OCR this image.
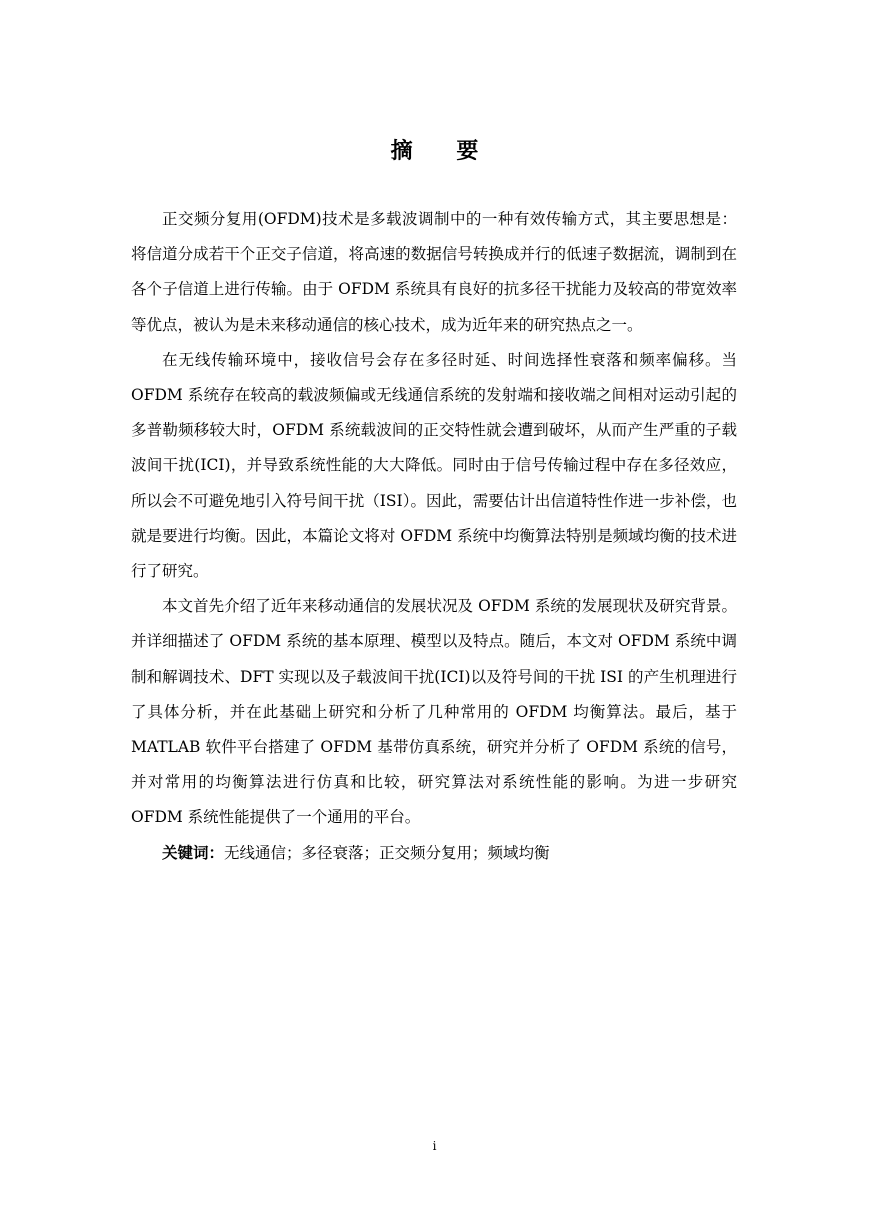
摘 要

正交频分复用(OFDM)技术是多载波调制中的一种有效传输方式，其主要思想是：将信道分成若干个正交子信道，将高速的数据信号转换成并行的低速子数据流，调制到在各个子信道上进行传输。由于 OFDM 系统具有良好的抗多径干扰能力及较高的带宽效率等优点，被认为是未来移动通信的核心技术，成为近年来的研究热点之一。

在无线传输环境中，接收信号会存在多径时延、时间选择性衰落和频率偏移。当 OFDM 系统存在较高的载波频偏或无线通信系统的发射端和接收端之间相对运动引起的多普勒频移较大时，OFDM 系统载波间的正交特性就会遭到破坏，从而产生严重的子载波间干扰(ICI)，并导致系统性能的大大降低。同时由于信号传输过程中存在多径效应，所以会不可避免地引入符号间干扰（ISI）。因此，需要估计出信道特性作进一步补偿，也就是要进行均衡。因此，本篇论文将对 OFDM 系统中均衡算法特别是频域均衡的技术进行了研究。

本文首先介绍了近年来移动通信的发展状况及 OFDM 系统的发展现状及研究背景。并详细描述了 OFDM 系统的基本原理、模型以及特点。随后，本文对 OFDM 系统中调制和解调技术、DFT 实现以及子载波间干扰(ICI)以及符号间的干扰 ISI 的产生机理进行了具体分析，并在此基础上研究和分析了几种常用的 OFDM 均衡算法。最后，基于 MATLAB 软件平台搭建了 OFDM 基带仿真系统，研究并分析了 OFDM 系统的信号，并对常用的均衡算法进行仿真和比较，研究算法对系统性能的影响。为进一步研究 OFDM 系统性能提供了一个通用的平台。

关键词：无线通信；多径衰落；正交频分复用；频域均衡

i
